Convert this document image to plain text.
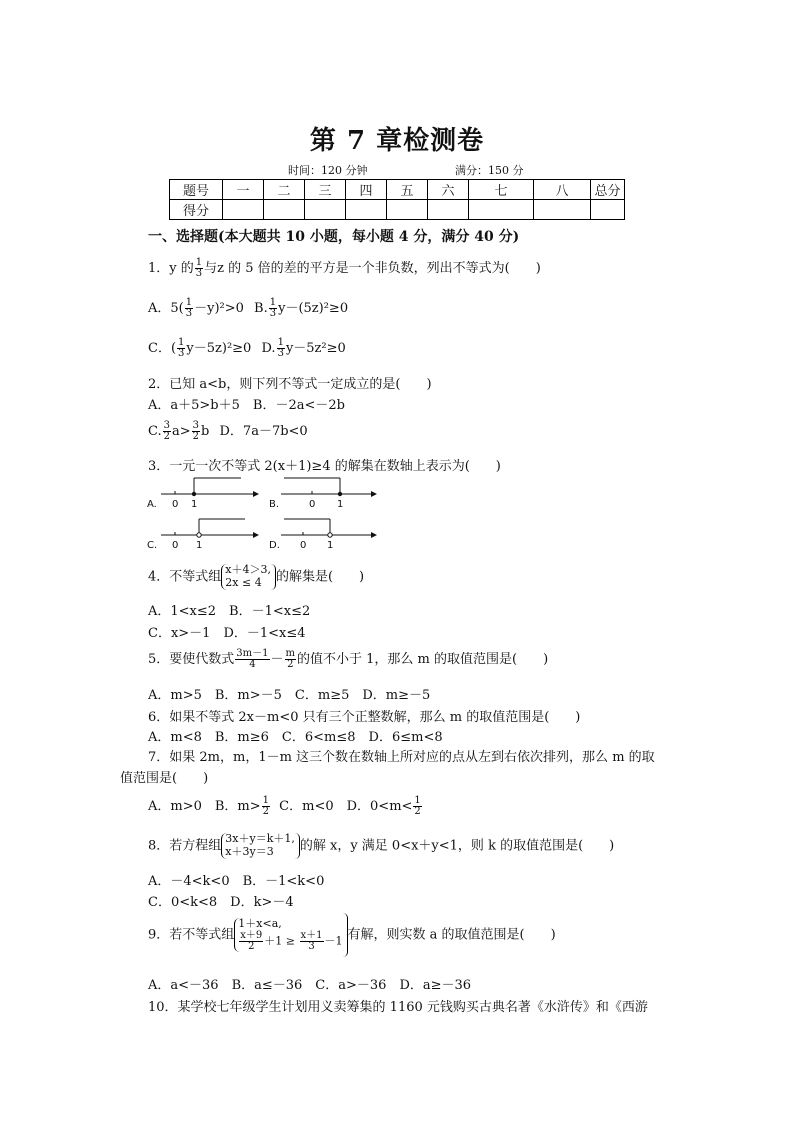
第 7 章检测卷
时间：120 分钟	满分：150 分
题号	一	二	三	四	五	六	七	八	总分
得分									
一、选择题(本大题共 10 小题，每小题 4 分，满分 40 分)
1．y 的 $\frac{1}{3}$ 与z 的 5 倍的差的平方是一个非负数，列出不等式为(　　)
A．$5( \frac{1}{3} -y)^2>0$ B. $\frac{1}{3} y-(5z)^2\ge 0$
C．( $\frac{1}{3} y-5z)^2\ge 0$ D. $\frac{1}{3} y-5z^2\ge 0$
2．已知 a<b，则下列不等式一定成立的是(　　)
A．a＋5>b＋5　B．－2a<－2b
C. $\frac{3}{2} a> \frac{3}{2}$ b D．7a－7b<0
3．一元一次不等式 2(x＋1)≥4 的解集在数轴上表示为(　　)
A. 0 1	B.	0 1
C. 0 1	D. 0 1
4．不等式组 x＋4＞3,
2x ≤ 4	的解集是(　　)
A．1<x≤2　B．－1<x≤2
C．x>－1　D．－1<x≤4
5．要使代数式 $\frac{3m-1}{4} - \frac{m}{2}$ 的值不小于 1，那么 m 的取值范围是(　　)
A．m>5　B．m>－5　C．m≥5　D．m≥－5
6．如果不等式 2x－m<0 只有三个正整数解，那么 m 的取值范围是(　　)
A．m<8　B．m≥6　C．6<m≤8　D．6≤m<8
7．如果 2m，m，1－m 这三个数在数轴上所对应的点从左到右依次排列，那么 m 的取
值范围是(　　)
A．m>0　B．$m> \frac{1}{2}$ C．m<0　D．$0<m< \frac{1}{2}$
8．若方程组 3x＋y＝k＋1,
x＋3y＝3	的解 x，y 满足 0<x＋y<1，则 k 的取值范围是(　　)
A．－4<k<0　B．－1<k<0
C．0<k<8　D．k>－4
9．若不等式组
1＋x<a,
$\frac{x+9}{2} +1 \ge \frac{x+1}{3} -1$ 有解，则实数 a 的取值范围是(　　)
A．a<－36　B．a≤－36　C．a>－36　D．a≥－36
10．某学校七年级学生计划用义卖筹集的 1160 元钱购买古典名著《水浒传》和《西游
